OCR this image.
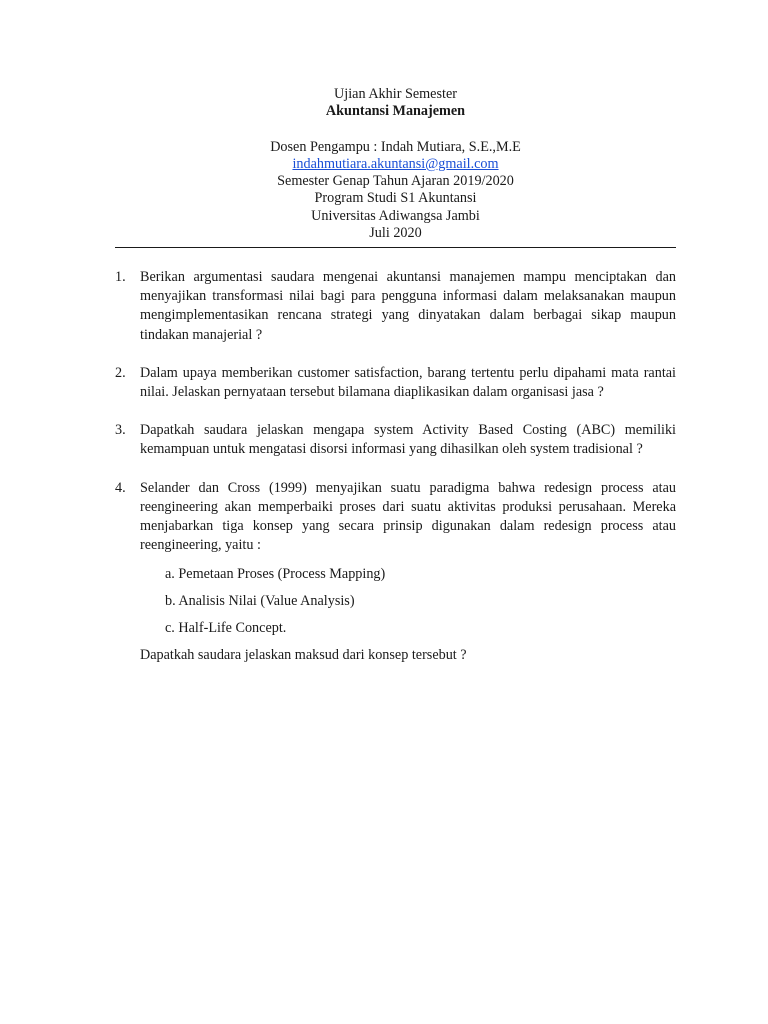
Ujian Akhir Semester
Akuntansi Manajemen
Dosen Pengampu : Indah Mutiara, S.E.,M.E
indahmutiara.akuntansi@gmail.com
Semester Genap Tahun Ajaran 2019/2020
Program Studi S1 Akuntansi
Universitas Adiwangsa Jambi
Juli 2020
1. Berikan argumentasi saudara mengenai akuntansi manajemen mampu menciptakan dan menyajikan transformasi nilai bagi para pengguna informasi dalam melaksanakan maupun mengimplementasikan rencana strategi yang dinyatakan dalam berbagai sikap maupun tindakan manajerial ?
2. Dalam upaya memberikan customer satisfaction, barang tertentu perlu dipahami mata rantai nilai. Jelaskan pernyataan tersebut bilamana diaplikasikan dalam organisasi jasa ?
3. Dapatkah saudara jelaskan mengapa system Activity Based Costing (ABC) memiliki kemampuan untuk mengatasi disorsi informasi yang dihasilkan oleh system tradisional ?
4. Selander dan Cross (1999) menyajikan suatu paradigma bahwa redesign process atau reengineering akan memperbaiki proses dari suatu aktivitas produksi perusahaan. Mereka menjabarkan tiga konsep yang secara prinsip digunakan dalam redesign process atau reengineering, yaitu :
a. Pemetaan Proses (Process Mapping)
b. Analisis Nilai (Value Analysis)
c. Half-Life Concept.
Dapatkah saudara jelaskan maksud dari konsep tersebut ?
